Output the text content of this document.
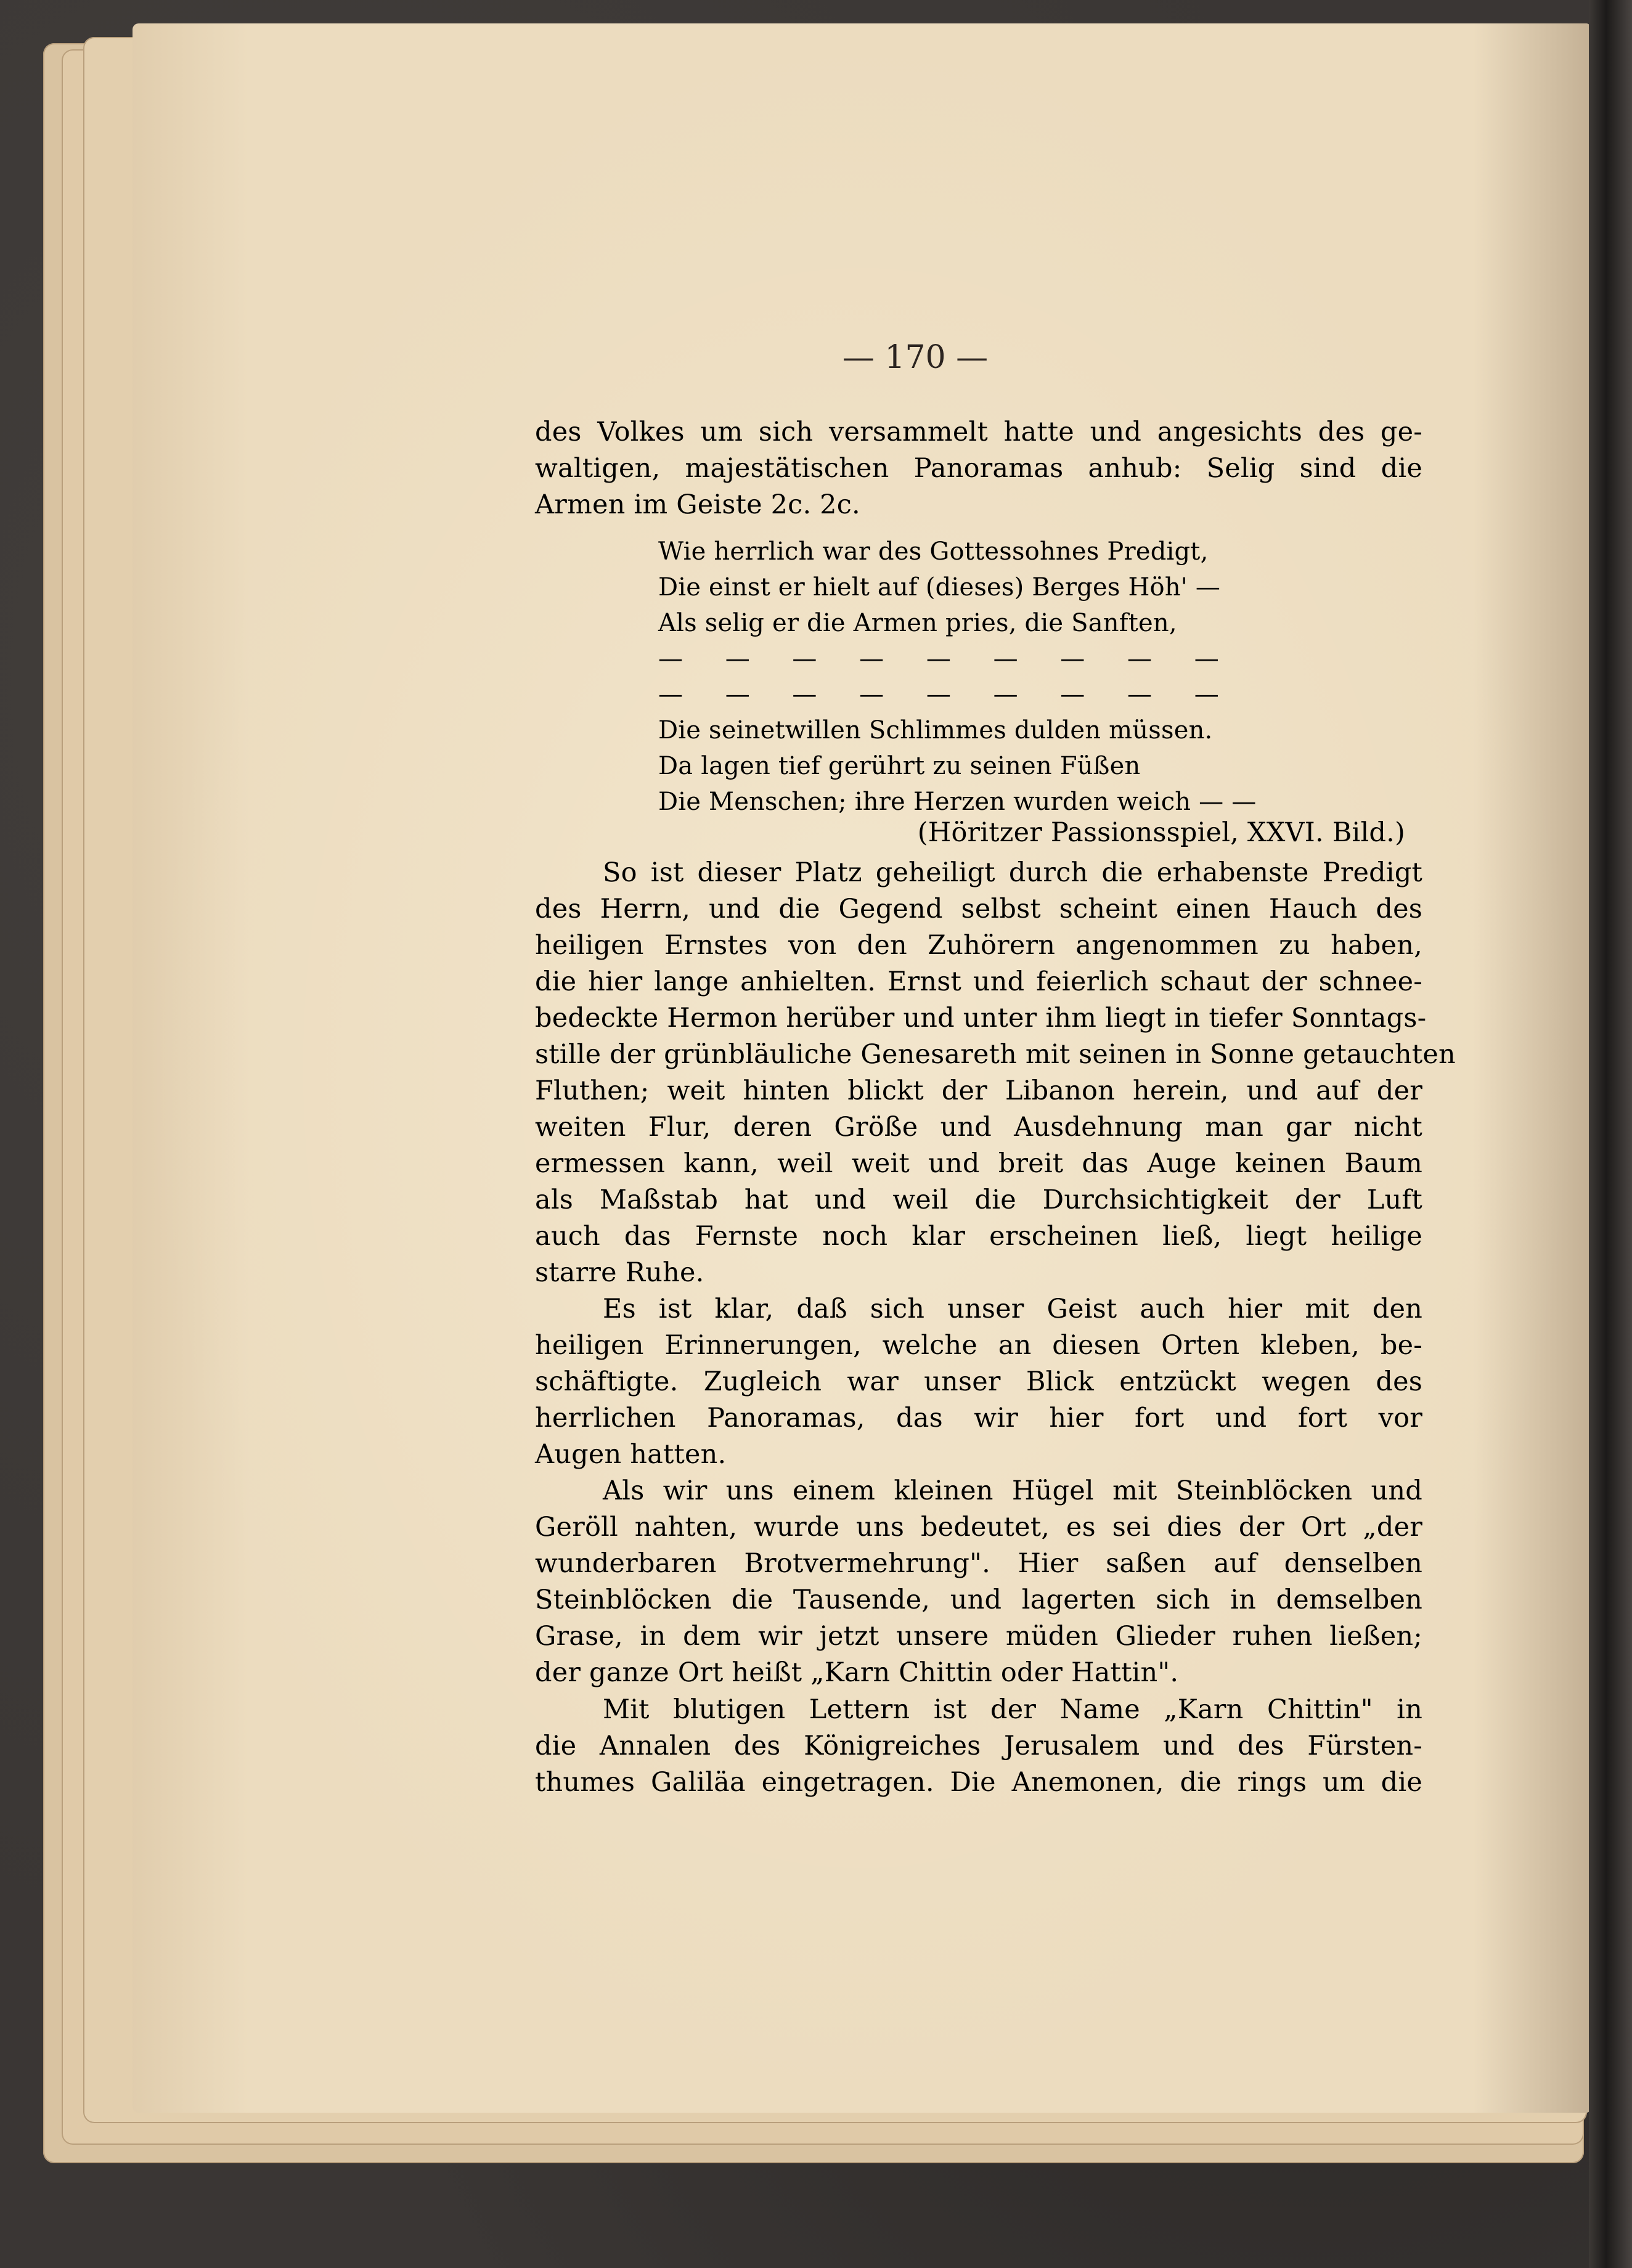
— 170 —
des Volkes um sich versammelt hatte und angesichts des ge-
waltigen, majestätischen Panoramas anhub: Selig sind die
Armen im Geiste 2c. 2c.
Wie herrlich war des Gottessohnes Predigt,
Die einst er hielt auf (dieses) Berges Höh' —
Als selig er die Armen pries, die Sanften,
— — — — — — — — —
— — — — — — — — —
Die seinetwillen Schlimmes dulden müssen.
Da lagen tief gerührt zu seinen Füßen
Die Menschen; ihre Herzen wurden weich — —
(Höritzer Passionsspiel, XXVI. Bild.)
So ist dieser Platz geheiligt durch die erhabenste Predigt
des Herrn, und die Gegend selbst scheint einen Hauch des
heiligen Ernstes von den Zuhörern angenommen zu haben,
die hier lange anhielten. Ernst und feierlich schaut der schnee-
bedeckte Hermon herüber und unter ihm liegt in tiefer Sonntags-
stille der grünbläuliche Genesareth mit seinen in Sonne getauchten
Fluthen; weit hinten blickt der Libanon herein, und auf der
weiten Flur, deren Größe und Ausdehnung man gar nicht
ermessen kann, weil weit und breit das Auge keinen Baum
als Maßstab hat und weil die Durchsichtigkeit der Luft
auch das Fernste noch klar erscheinen ließ, liegt heilige
starre Ruhe.
Es ist klar, daß sich unser Geist auch hier mit den
heiligen Erinnerungen, welche an diesen Orten kleben, be-
schäftigte. Zugleich war unser Blick entzückt wegen des
herrlichen Panoramas, das wir hier fort und fort vor
Augen hatten.
Als wir uns einem kleinen Hügel mit Steinblöcken und
Geröll nahten, wurde uns bedeutet, es sei dies der Ort „der
wunderbaren Brotvermehrung". Hier saßen auf denselben
Steinblöcken die Tausende, und lagerten sich in demselben
Grase, in dem wir jetzt unsere müden Glieder ruhen ließen;
der ganze Ort heißt „Karn Chittin oder Hattin".
Mit blutigen Lettern ist der Name „Karn Chittin" in
die Annalen des Königreiches Jerusalem und des Fürsten-
thumes Galiläa eingetragen. Die Anemonen, die rings um die
